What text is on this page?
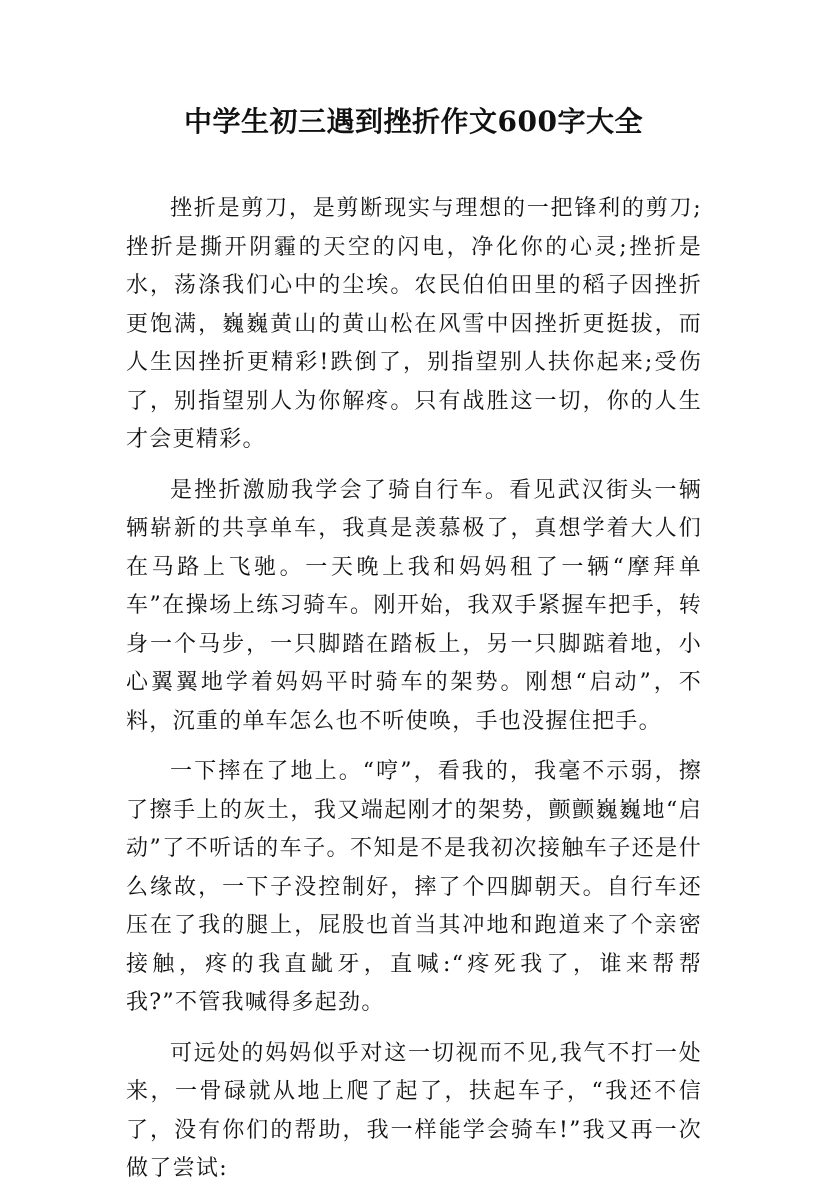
中学生初三遇到挫折作文600字大全

挫折是剪刀，是剪断现实与理想的一把锋利的剪刀;挫折是撕开阴霾的天空的闪电，净化你的心灵;挫折是水，荡涤我们心中的尘埃。农民伯伯田里的稻子因挫折更饱满，巍巍黄山的黄山松在风雪中因挫折更挺拔，而人生因挫折更精彩!跌倒了，别指望别人扶你起来;受伤了，别指望别人为你解疼。只有战胜这一切，你的人生才会更精彩。

是挫折激励我学会了骑自行车。看见武汉街头一辆辆崭新的共享单车，我真是羡慕极了，真想学着大人们在马路上飞驰。一天晚上我和妈妈租了一辆“摩拜单车”在操场上练习骑车。刚开始，我双手紧握车把手，转身一个马步，一只脚踏在踏板上，另一只脚踮着地，小心翼翼地学着妈妈平时骑车的架势。刚想“启动”，不料，沉重的单车怎么也不听使唤，手也没握住把手。

一下摔在了地上。“哼”，看我的，我毫不示弱，擦了擦手上的灰土，我又端起刚才的架势，颤颤巍巍地“启动”了不听话的车子。不知是不是我初次接触车子还是什么缘故，一下子没控制好，摔了个四脚朝天。自行车还压在了我的腿上，屁股也首当其冲地和跑道来了个亲密接触，疼的我直龇牙，直喊:“疼死我了，谁来帮帮我?”不管我喊得多起劲。

可远处的妈妈似乎对这一切视而不见,我气不打一处来，一骨碌就从地上爬了起了，扶起车子，“我还不信了，没有你们的帮助，我一样能学会骑车!”我又再一次做了尝试:
